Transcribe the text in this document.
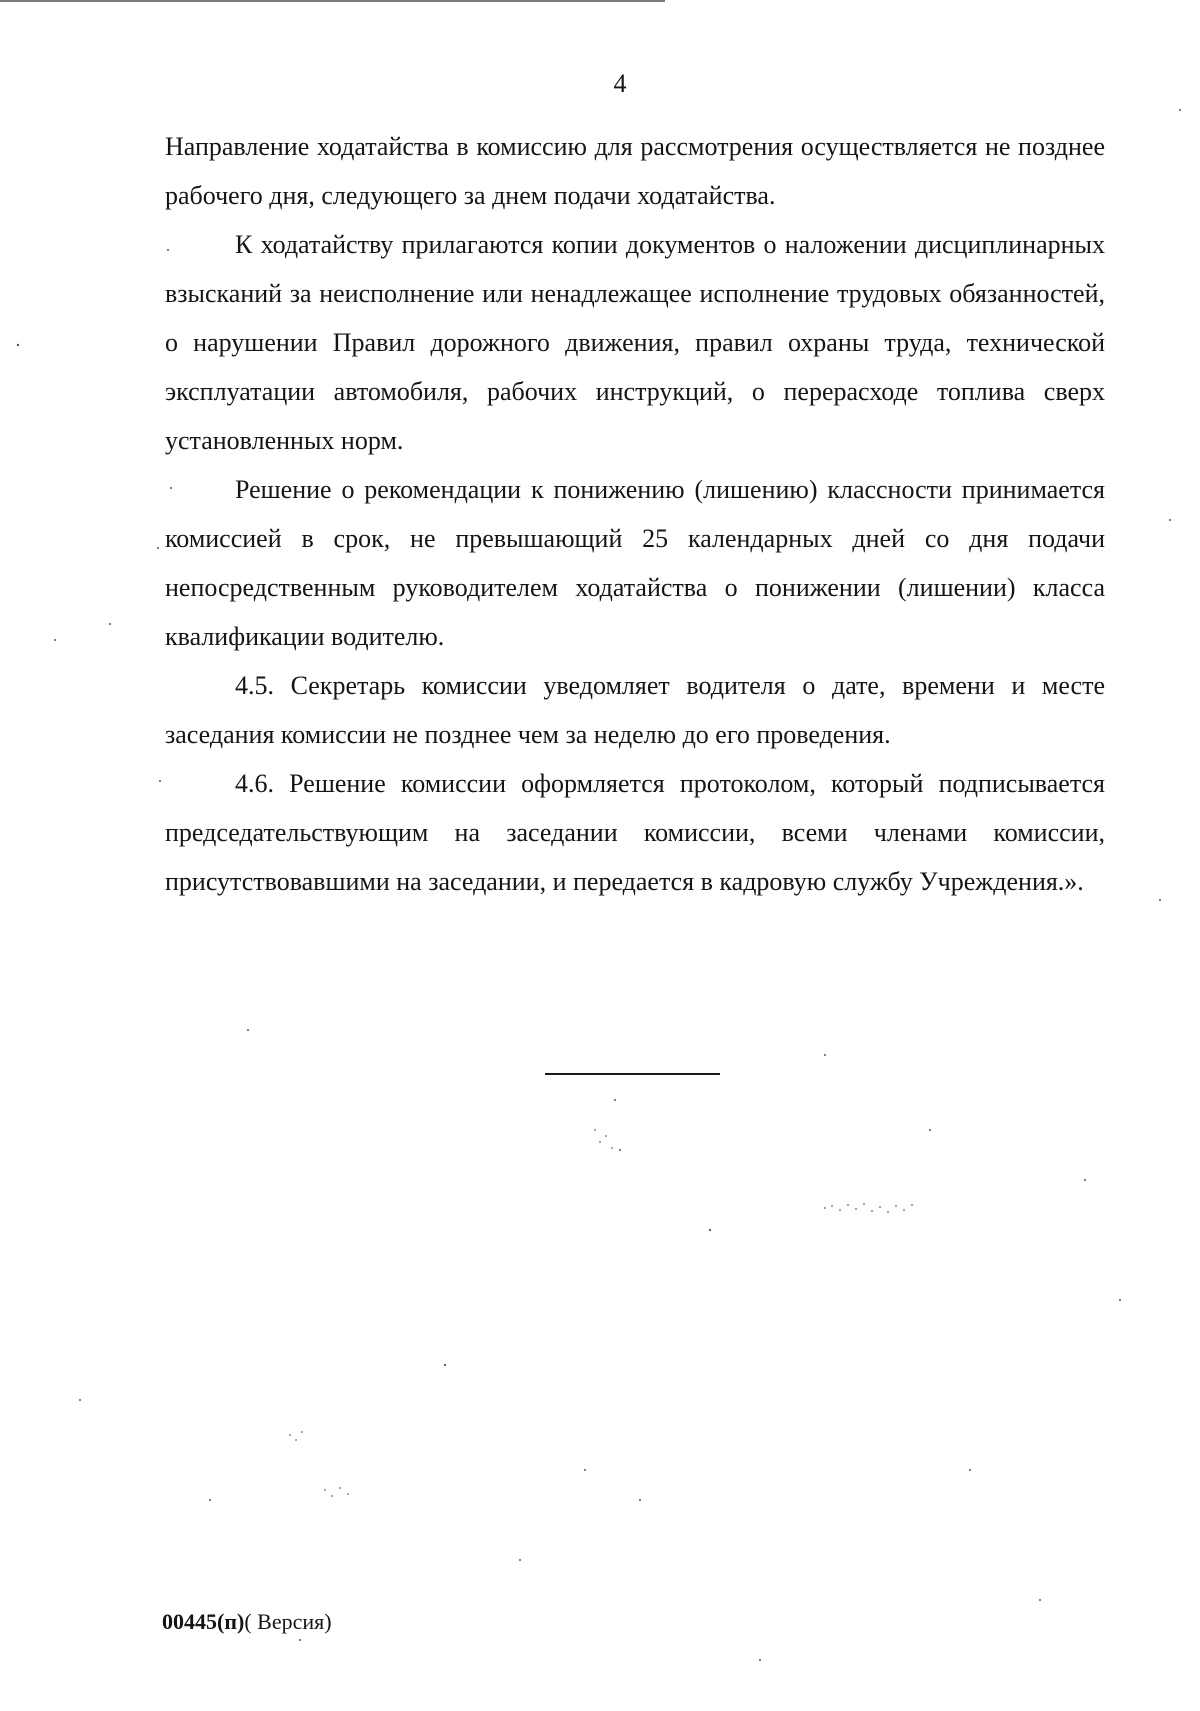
4

Направление ходатайства в комиссию для рассмотрения осуществляется не позднее рабочего дня, следующего за днем подачи ходатайства.

К ходатайству прилагаются копии документов о наложении дисциплинарных взысканий за неисполнение или ненадлежащее исполнение трудовых обязанностей, о нарушении Правил дорожного движения, правил охраны труда, технической эксплуатации автомобиля, рабочих инструкций, о перерасходе топлива сверх установленных норм.

Решение о рекомендации к понижению (лишению) классности принимается комиссией в срок, не превышающий 25 календарных дней со дня подачи непосредственным руководителем ходатайства о понижении (лишении) класса квалификации водителю.

4.5. Секретарь комиссии уведомляет водителя о дате, времени и месте заседания комиссии не позднее чем за неделю до его проведения.

4.6. Решение комиссии оформляется протоколом, который подписывается председательствующим на заседании комиссии, всеми членами комиссии, присутствовавшими на заседании, и передается в кадровую службу Учреждения.».

00445(п)( Версия)
